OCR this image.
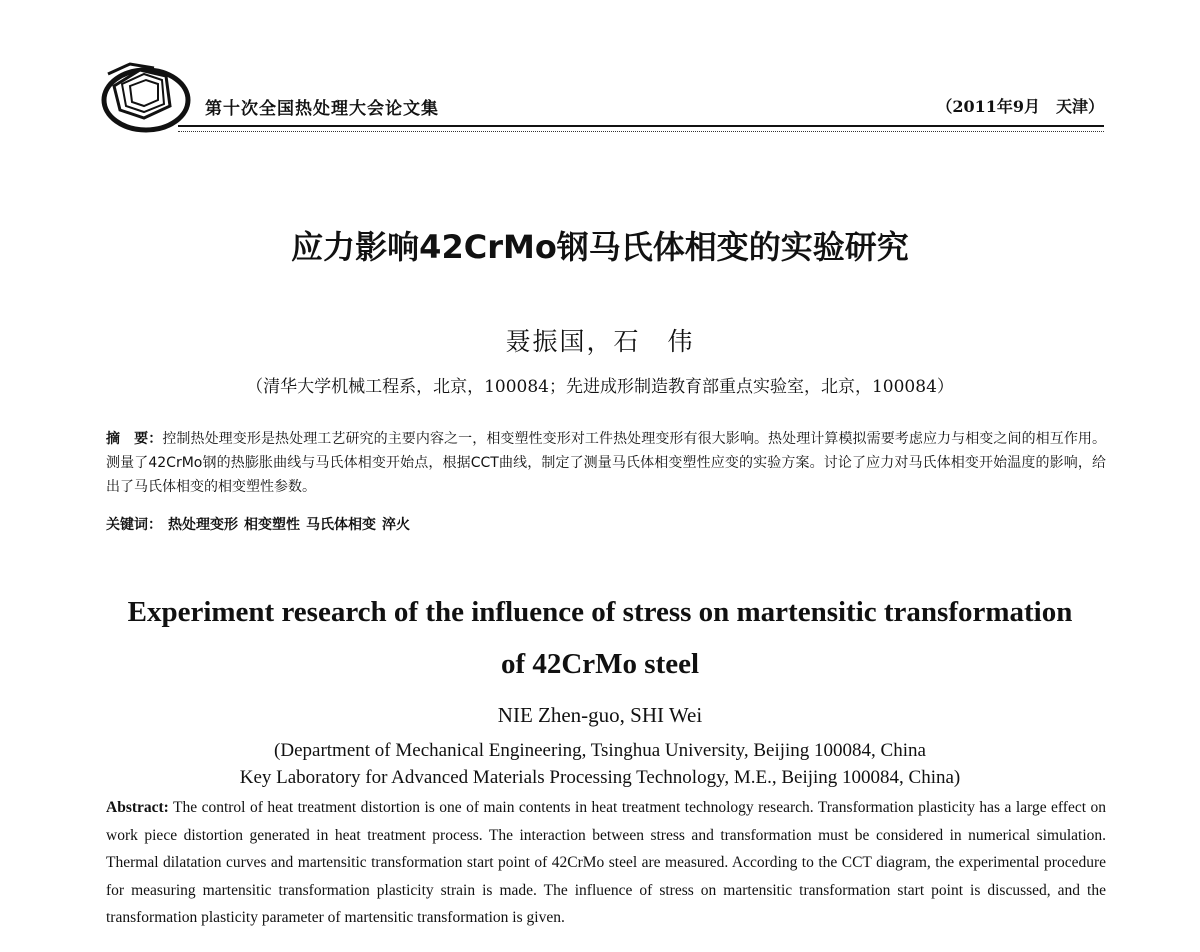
第十次全国热处理大会论文集	（2011年9月　天津）
应力影响42CrMo钢马氏体相变的实验研究
聂振国，石　伟
（清华大学机械工程系，北京，100084；先进成形制造教育部重点实验室，北京，100084）
摘　要：控制热处理变形是热处理工艺研究的主要内容之一，相变塑性变形对工件热处理变形有很大影响。热处理计算模拟需要考虑应力与相变之间的相互作用。测量了42CrMo钢的热膨胀曲线与马氏体相变开始点，根据CCT曲线，制定了测量马氏体相变塑性应变的实验方案。讨论了应力对马氏体相变开始温度的影响，给出了马氏体相变的相变塑性参数。
关键词： 热处理变形 相变塑性 马氏体相变 淬火
Experiment research of the influence of stress on martensitic transformation
of 42CrMo steel
NIE Zhen-guo, SHI Wei
(Department of Mechanical Engineering, Tsinghua University, Beijing 100084, China
Key Laboratory for Advanced Materials Processing Technology, M.E., Beijing 100084, China)
Abstract: The control of heat treatment distortion is one of main contents in heat treatment technology research. Transformation plasticity has a large effect on work piece distortion generated in heat treatment process. The interaction between stress and transformation must be considered in numerical simulation. Thermal dilatation curves and martensitic transformation start point of 42CrMo steel are measured. According to the CCT diagram, the experimental procedure for measuring martensitic transformation plasticity strain is made. The influence of stress on martensitic transformation start point is discussed, and the transformation plasticity parameter of martensitic transformation is given.
